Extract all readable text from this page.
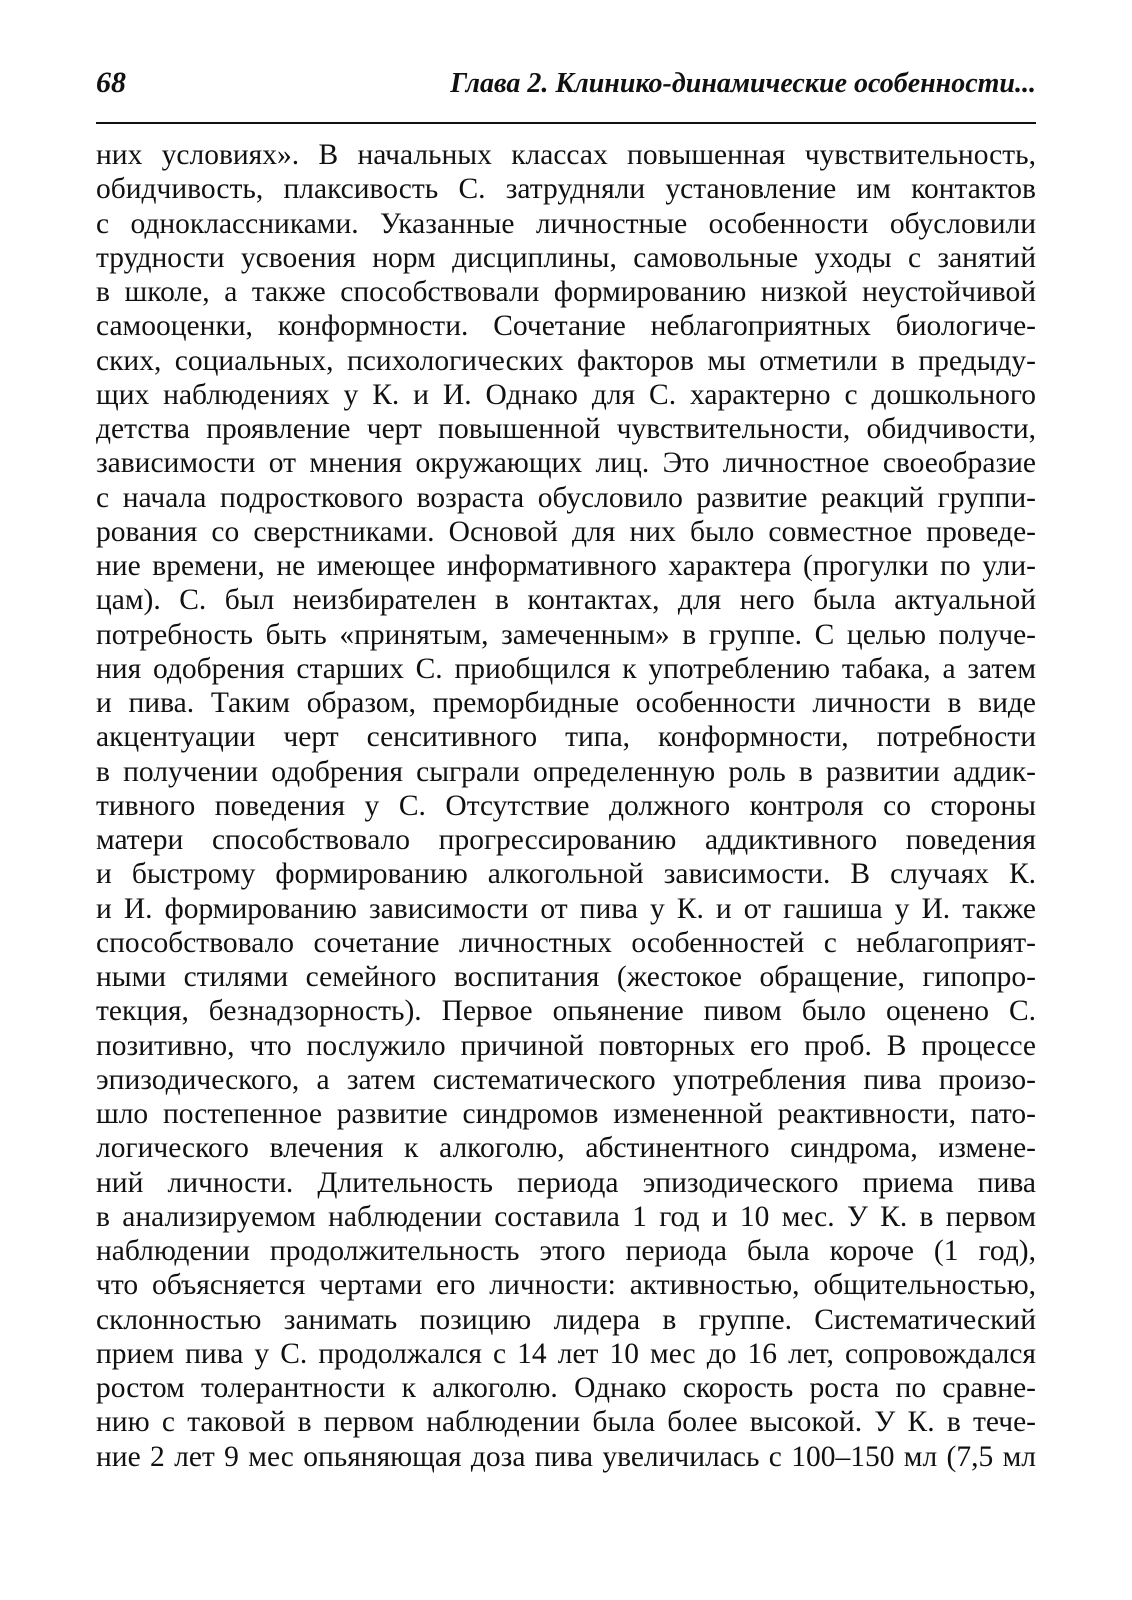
68	Глава 2. Клинико-динамические особенности...
них условиях». В начальных классах повышенная чувствительность,
обидчивость, плаксивость С. затрудняли установление им контактов
с одноклассниками. Указанные личностные особенности обусловили
трудности усвоения норм дисциплины, самовольные уходы с занятий
в школе, а также способствовали формированию низкой неустойчивой
самооценки, конформности. Сочетание неблагоприятных биологиче-
ских, социальных, психологических факторов мы отметили в предыду-
щих наблюдениях у К. и И. Однако для С. характерно с дошкольного
детства проявление черт повышенной чувствительности, обидчивости,
зависимости от мнения окружающих лиц. Это личностное своеобразие
с начала подросткового возраста обусловило развитие реакций группи-
рования со сверстниками. Основой для них было совместное проведе-
ние времени, не имеющее информативного характера (прогулки по ули-
цам). С. был неизбирателен в контактах, для него была актуальной
потребность быть «принятым, замеченным» в группе. С целью получе-
ния одобрения старших С. приобщился к употреблению табака, а затем
и пива. Таким образом, преморбидные особенности личности в виде
акцентуации черт сенситивного типа, конформности, потребности
в получении одобрения сыграли определенную роль в развитии аддик-
тивного поведения у С. Отсутствие должного контроля со стороны
матери способствовало прогрессированию аддиктивного поведения
и быстрому формированию алкогольной зависимости. В случаях К.
и И. формированию зависимости от пива у К. и от гашиша у И. также
способствовало сочетание личностных особенностей с неблагоприят-
ными стилями семейного воспитания (жестокое обращение, гипопро-
текция, безнадзорность). Первое опьянение пивом было оценено С.
позитивно, что послужило причиной повторных его проб. В процессе
эпизодического, а затем систематического употребления пива произо-
шло постепенное развитие синдромов измененной реактивности, пато-
логического влечения к алкоголю, абстинентного синдрома, измене-
ний личности. Длительность периода эпизодического приема пива
в анализируемом наблюдении составила 1 год и 10 мес. У К. в первом
наблюдении продолжительность этого периода была короче (1 год),
что объясняется чертами его личности: активностью, общительностью,
склонностью занимать позицию лидера в группе. Систематический
прием пива у С. продолжался с 14 лет 10 мес до 16 лет, сопровождался
ростом толерантности к алкоголю. Однако скорость роста по сравне-
нию с таковой в первом наблюдении была более высокой. У К. в тече-
ние 2 лет 9 мес опьяняющая доза пива увеличилась с 100–150 мл (7,5 мл
